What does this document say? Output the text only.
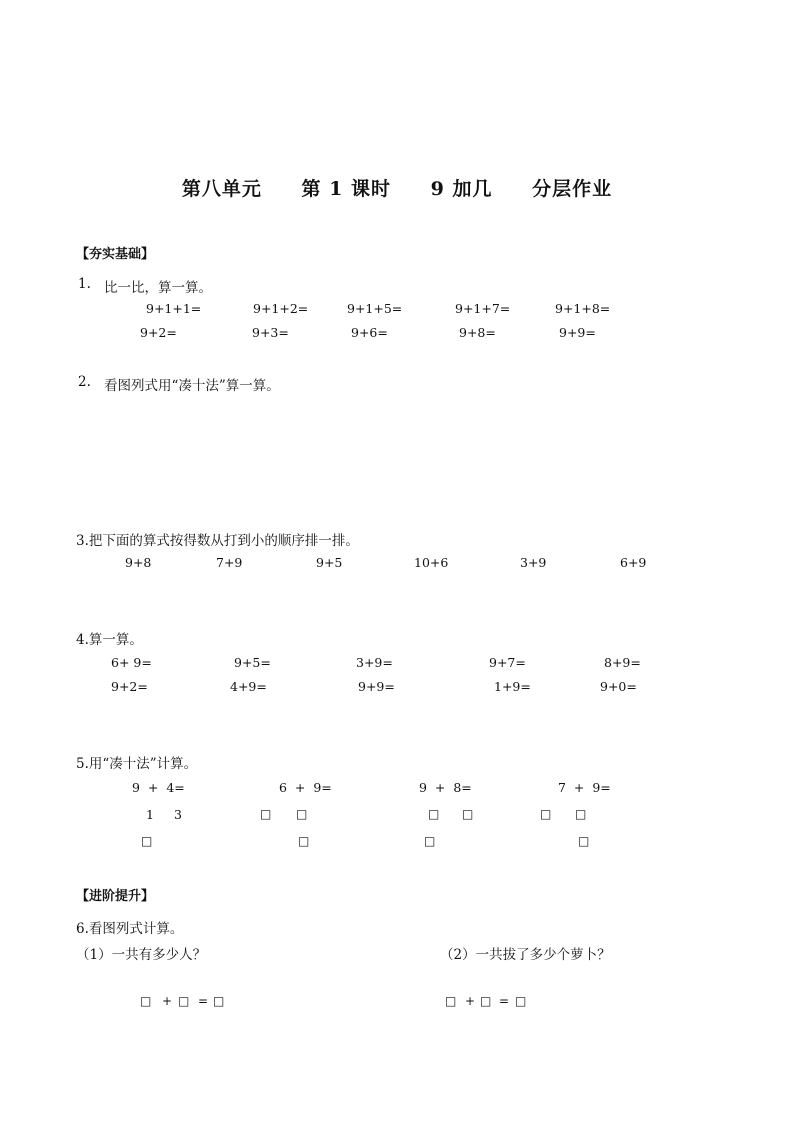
第八单元 第 1 课时 9 加几 分层作业
【夯实基础】
1. 比一比，算一算。
9+1+1=	9+1+2=	9+1+5=	9+1+7=	9+1+8=
9+2=	9+3=	9+6=	9+8=	9+9=
2. 看图列式用“凑十法”算一算。
3.把下面的算式按得数从打到小的顺序排一排。
9+8	7+9	9+5	10+6	3+9	6+9
4.算一算。
6+ 9=	9+5=	3+9=	9+7=	8+9=
9+2=	4+9=	9+9=	1+9=	9+0=
5.用“凑十法”计算。
9  +  4=	6  +  9=	9  +  8=	7  +  9=
1 3	□ □	□ □	□ □
□	□	□	□
【进阶提升】
6.看图列式计算。
（1）一共有多少人？	（2）一共拔了多少个萝卜？
□ + □ = □	□ + □ = □
